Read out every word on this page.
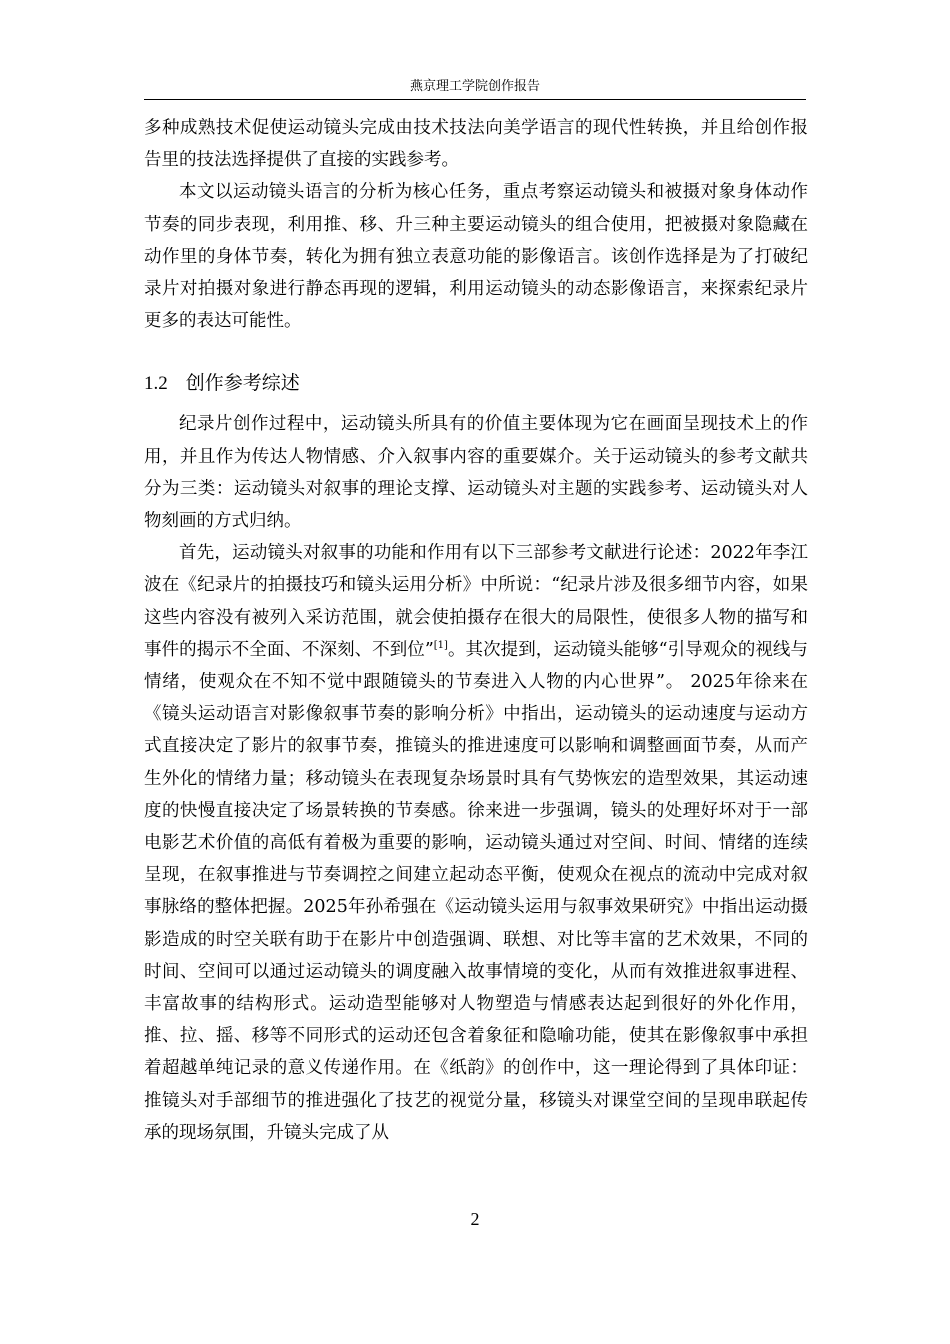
燕京理工学院创作报告

多种成熟技术促使运动镜头完成由技术技法向美学语言的现代性转换，并且给创作报告里的技法选择提供了直接的实践参考。

本文以运动镜头语言的分析为核心任务，重点考察运动镜头和被摄对象身体动作节奏的同步表现，利用推、移、升三种主要运动镜头的组合使用，把被摄对象隐藏在动作里的身体节奏，转化为拥有独立表意功能的影像语言。该创作选择是为了打破纪录片对拍摄对象进行静态再现的逻辑，利用运动镜头的动态影像语言，来探索纪录片更多的表达可能性。

1.2 创作参考综述

纪录片创作过程中，运动镜头所具有的价值主要体现为它在画面呈现技术上的作用，并且作为传达人物情感、介入叙事内容的重要媒介。关于运动镜头的参考文献共分为三类：运动镜头对叙事的理论支撑、运动镜头对主题的实践参考、运动镜头对人物刻画的方式归纳。

首先，运动镜头对叙事的功能和作用有以下三部参考文献进行论述：2022年李江波在《纪录片的拍摄技巧和镜头运用分析》中所说：“纪录片涉及很多细节内容，如果这些内容没有被列入采访范围，就会使拍摄存在很大的局限性，使很多人物的描写和事件的揭示不全面、不深刻、不到位”[1]。其次提到，运动镜头能够“引导观众的视线与情绪，使观众在不知不觉中跟随镜头的节奏进入人物的内心世界”。 2025年徐来在《镜头运动语言对影像叙事节奏的影响分析》中指出，运动镜头的运动速度与运动方式直接决定了影片的叙事节奏，推镜头的推进速度可以影响和调整画面节奏，从而产生外化的情绪力量；移动镜头在表现复杂场景时具有气势恢宏的造型效果，其运动速度的快慢直接决定了场景转换的节奏感。徐来进一步强调，镜头的处理好坏对于一部电影艺术价值的高低有着极为重要的影响，运动镜头通过对空间、时间、情绪的连续呈现，在叙事推进与节奏调控之间建立起动态平衡，使观众在视点的流动中完成对叙事脉络的整体把握。2025年孙希强在《运动镜头运用与叙事效果研究》中指出运动摄影造成的时空关联有助于在影片中创造强调、联想、对比等丰富的艺术效果，不同的时间、空间可以通过运动镜头的调度融入故事情境的变化，从而有效推进叙事进程、丰富故事的结构形式。运动造型能够对人物塑造与情感表达起到很好的外化作用，推、拉、摇、移等不同形式的运动还包含着象征和隐喻功能，使其在影像叙事中承担着超越单纯记录的意义传递作用。在《纸韵》的创作中，这一理论得到了具体印证：推镜头对手部细节的推进强化了技艺的视觉分量，移镜头对课堂空间的呈现串联起传承的现场氛围，升镜头完成了从

2
